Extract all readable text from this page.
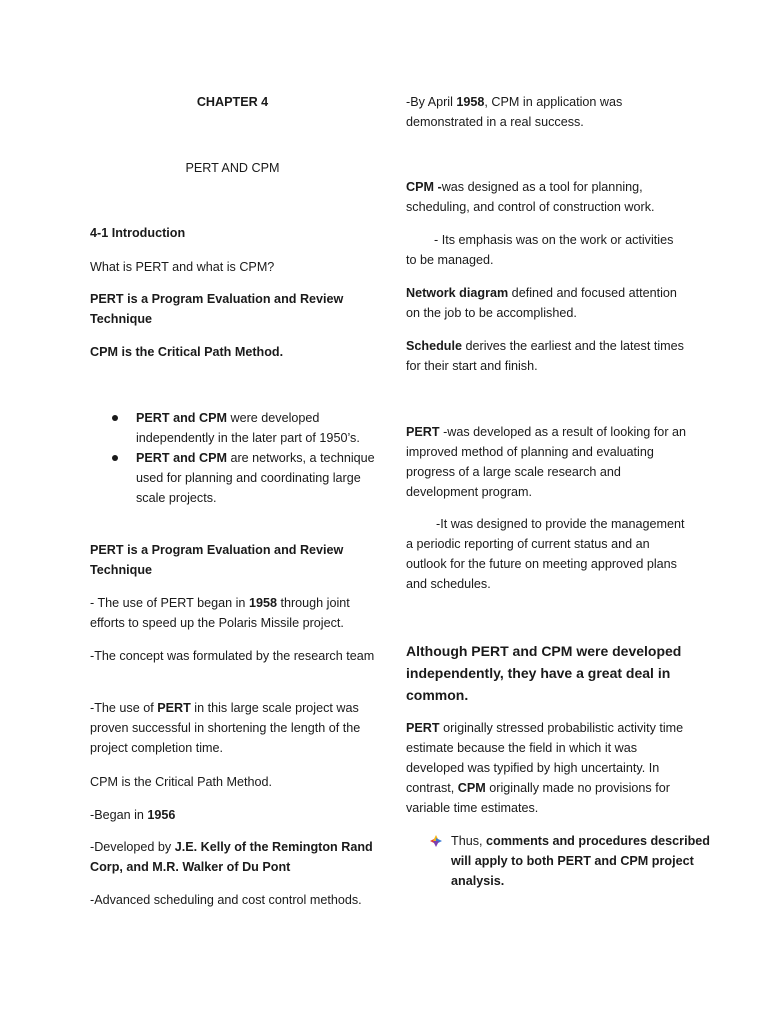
CHAPTER 4

PERT AND CPM

4-1 Introduction

What is PERT and what is CPM?

PERT is a Program Evaluation and Review Technique

CPM is the Critical Path Method.

PERT and CPM were developed independently in the later part of 1950’s.
PERT and CPM are networks, a technique used for planning and coordinating large scale projects.

PERT is a Program Evaluation and Review Technique

- The use of PERT began in 1958 through joint efforts to speed up the Polaris Missile project.

-The concept was formulated by the research team

-The use of PERT in this large scale project was proven successful in shortening the length of the project completion time.

CPM is the Critical Path Method.

-Began in 1956

-Developed by J.E. Kelly of the Remington Rand Corp, and M.R. Walker of Du Pont

-Advanced scheduling and cost control methods.

-By April 1958, CPM in application was demonstrated in a real success.

CPM -was designed as a tool for planning, scheduling, and control of construction work.

- Its emphasis was on the work or activities to be managed.

Network diagram defined and focused attention on the job to be accomplished.

Schedule derives the earliest and the latest times for their start and finish.

PERT -was developed as a result of looking for an improved method of planning and evaluating progress of a large scale research and development program.

-It was designed to provide the management a periodic reporting of current status and an outlook for the future on meeting approved plans and schedules.

Although PERT and CPM were developed independently, they have a great deal in common.

PERT originally stressed probabilistic activity time estimate because the field in which it was developed was typified by high uncertainty. In contrast, CPM originally made no provisions for variable time estimates.

Thus, comments and procedures described will apply to both PERT and CPM project analysis.
